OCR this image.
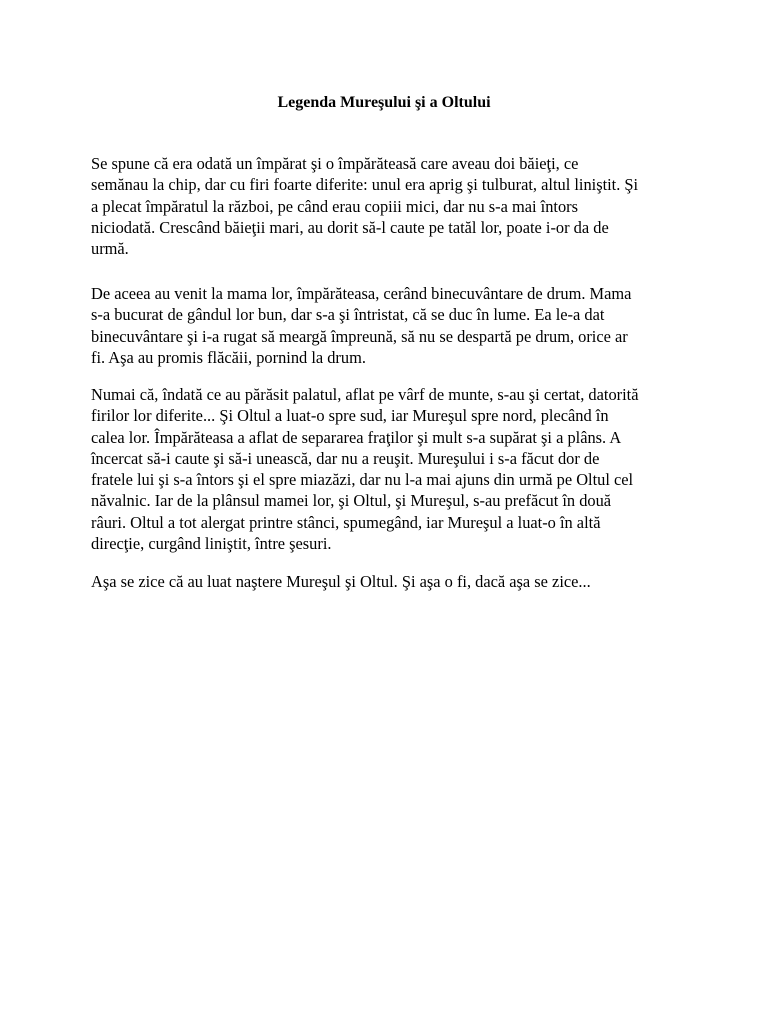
Legenda Mureşului şi a Oltului

Se spune că era odată un împărat şi o împărăteasă care aveau doi băieţi, ce
semănau la chip, dar cu firi foarte diferite: unul era aprig şi tulburat, altul liniştit. Şi
a plecat împăratul la război, pe când erau copiii mici, dar nu s-a mai întors
niciodată. Crescând băieţii mari, au dorit să-l caute pe tatăl lor, poate i-or da de
urmă.

De aceea au venit la mama lor, împărăteasa, cerând binecuvântare de drum. Mama
s-a bucurat de gândul lor bun, dar s-a şi întristat, că se duc în lume. Ea le-a dat
binecuvântare şi i-a rugat să meargă împreună, să nu se despartă pe drum, orice ar
fi. Aşa au promis flăcăii, pornind la drum.

Numai că, îndată ce au părăsit palatul, aflat pe vârf de munte, s-au şi certat, datorită
firilor lor diferite... Şi Oltul a luat-o spre sud, iar Mureşul spre nord, plecând în
calea lor. Împărăteasa a aflat de separarea fraţilor şi mult s-a supărat şi a plâns. A
încercat să-i caute şi să-i unească, dar nu a reuşit. Mureşului i s-a făcut dor de
fratele lui şi s-a întors şi el spre miazăzi, dar nu l-a mai ajuns din urmă pe Oltul cel
năvalnic. Iar de la plânsul mamei lor, şi Oltul, şi Mureşul, s-au prefăcut în două
râuri. Oltul a tot alergat printre stânci, spumegând, iar Mureşul a luat-o în altă
direcţie, curgând liniştit, între şesuri.

Aşa se zice că au luat naştere Mureşul şi Oltul. Şi aşa o fi, dacă aşa se zice...
